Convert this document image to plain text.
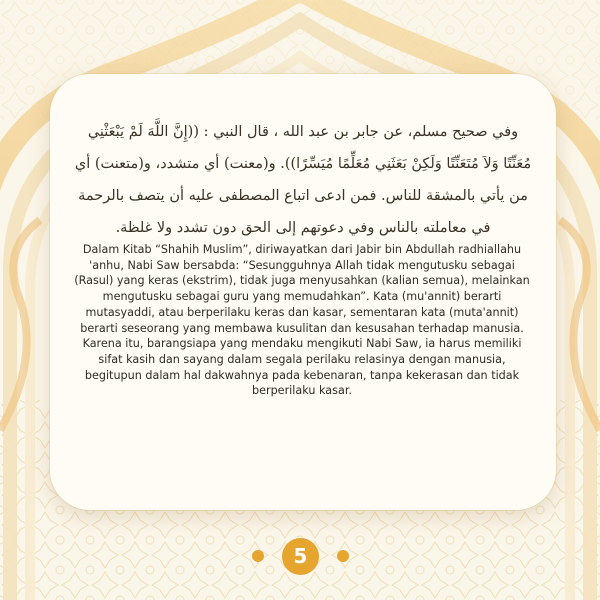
وفي صحيح مسلم، عن جابر بن عبد الله ، قال النبي : ((إِنَّ اللَّهَ لَمْ يَبْعَثْنِي مُعَنِّتًا وَلاَ مُتَعَنِّتًا وَلَكِنْ بَعَثَنِي مُعَلِّمًا مُيَسِّرًا)). و(معنت) أي متشدد، و(متعنت) أي من يأتي بالمشقة للناس. فمن ادعى اتباع المصطفى عليه أن يتصف بالرحمة في معاملته بالناس وفي دعوتهم إلى الحق دون تشدد ولا غلظة.
Dalam Kitab “Shahih Muslim”, diriwayatkan dari Jabir bin Abdullah radhiallahu 'anhu, Nabi Saw bersabda: “Sesungguhnya Allah tidak mengutusku sebagai (Rasul) yang keras (ekstrim), tidak juga menyusahkan (kalian semua), melainkan mengutusku sebagai guru yang memudahkan”. Kata (mu'annit) berarti mutasyaddi, atau berperilaku keras dan kasar, sementaran kata (muta'annit) berarti seseorang yang membawa kusulitan dan kesusahan terhadap manusia. Karena itu, barangsiapa yang mendaku mengikuti Nabi Saw, ia harus memiliki sifat kasih dan sayang dalam segala perilaku relasinya dengan manusia, begitupun dalam hal dakwahnya pada kebenaran, tanpa kekerasan dan tidak berperilaku kasar.
5
